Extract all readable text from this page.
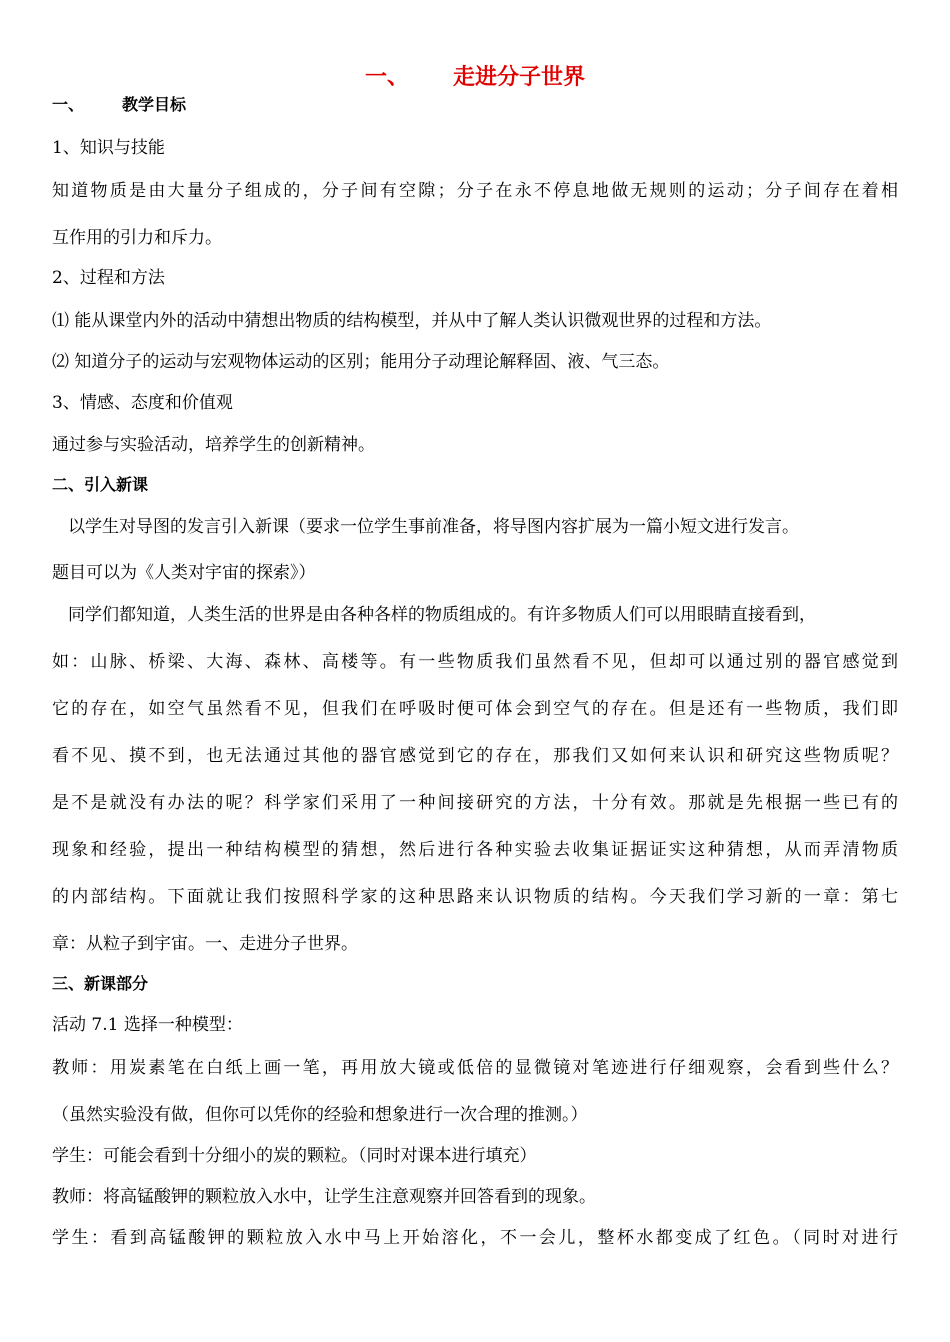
一、 走进分子世界
一、 教学目标
1、知识与技能
知道物质是由大量分子组成的，分子间有空隙；分子在永不停息地做无规则的运动；分子间存在着相
互作用的引力和斥力。
2、过程和方法
⑴ 能从课堂内外的活动中猜想出物质的结构模型，并从中了解人类认识微观世界的过程和方法。
⑵ 知道分子的运动与宏观物体运动的区别；能用分子动理论解释固、液、气三态。
3、情感、态度和价值观
通过参与实验活动，培养学生的创新精神。
二、引入新课
以学生对导图的发言引入新课（要求一位学生事前准备，将导图内容扩展为一篇小短文进行发言。
题目可以为《人类对宇宙的探索》）
同学们都知道，人类生活的世界是由各种各样的物质组成的。有许多物质人们可以用眼睛直接看到，
如：山脉、桥梁、大海、森林、高楼等。有一些物质我们虽然看不见，但却可以通过别的器官感觉到
它的存在，如空气虽然看不见，但我们在呼吸时便可体会到空气的存在。但是还有一些物质，我们即
看不见、摸不到，也无法通过其他的器官感觉到它的存在，那我们又如何来认识和研究这些物质呢？
是不是就没有办法的呢？科学家们采用了一种间接研究的方法，十分有效。那就是先根据一些已有的
现象和经验，提出一种结构模型的猜想，然后进行各种实验去收集证据证实这种猜想，从而弄清物质
的内部结构。下面就让我们按照科学家的这种思路来认识物质的结构。今天我们学习新的一章：第七
章：从粒子到宇宙。一、走进分子世界。
三、新课部分
活动 7.1 选择一种模型：
教师：用炭素笔在白纸上画一笔，再用放大镜或低倍的显微镜对笔迹进行仔细观察，会看到些什么？
（虽然实验没有做，但你可以凭你的经验和想象进行一次合理的推测。）
学生：可能会看到十分细小的炭的颗粒。（同时对课本进行填充）
教师：将高锰酸钾的颗粒放入水中，让学生注意观察并回答看到的现象。
学生：看到高锰酸钾的颗粒放入水中马上开始溶化，不一会儿，整杯水都变成了红色。（同时对进行
